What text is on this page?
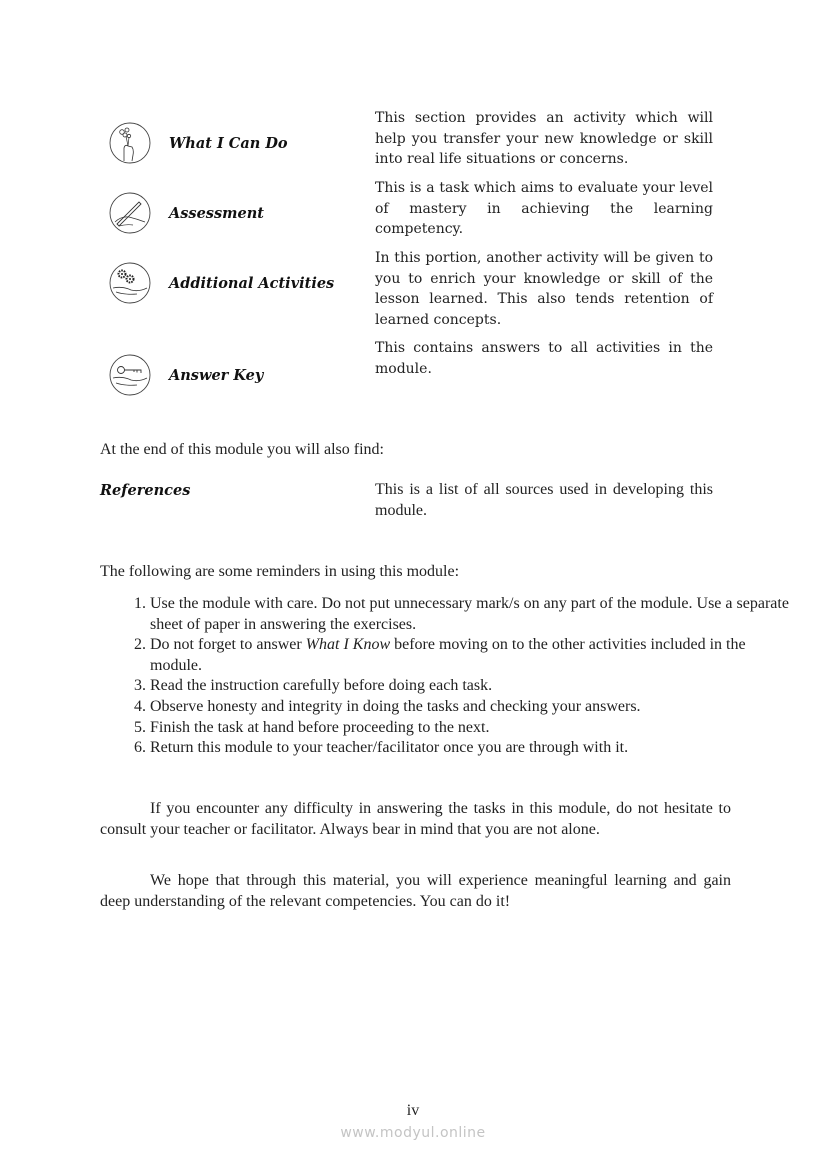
What I Can Do

This section provides an activity which will help you transfer your new knowledge or skill into real life situations or concerns.

Assessment

This is a task which aims to evaluate your level of mastery in achieving the learning competency.

Additional Activities

In this portion, another activity will be given to you to enrich your knowledge or skill of the lesson learned. This also tends retention of learned concepts.

Answer Key

This contains answers to all activities in the module.

At the end of this module you will also find:

References	This is a list of all sources used in developing this module.

The following are some reminders in using this module:

1. Use the module with care. Do not put unnecessary mark/s on any part of the module. Use a separate sheet of paper in answering the exercises.
2. Do not forget to answer What I Know before moving on to the other activities included in the module.
3. Read the instruction carefully before doing each task.
4. Observe honesty and integrity in doing the tasks and checking your answers.
5. Finish the task at hand before proceeding to the next.
6. Return this module to your teacher/facilitator once you are through with it.

If you encounter any difficulty in answering the tasks in this module, do not hesitate to consult your teacher or facilitator. Always bear in mind that you are not alone.

We hope that through this material, you will experience meaningful learning and gain deep understanding of the relevant competencies. You can do it!

iv
www.modyul.online
